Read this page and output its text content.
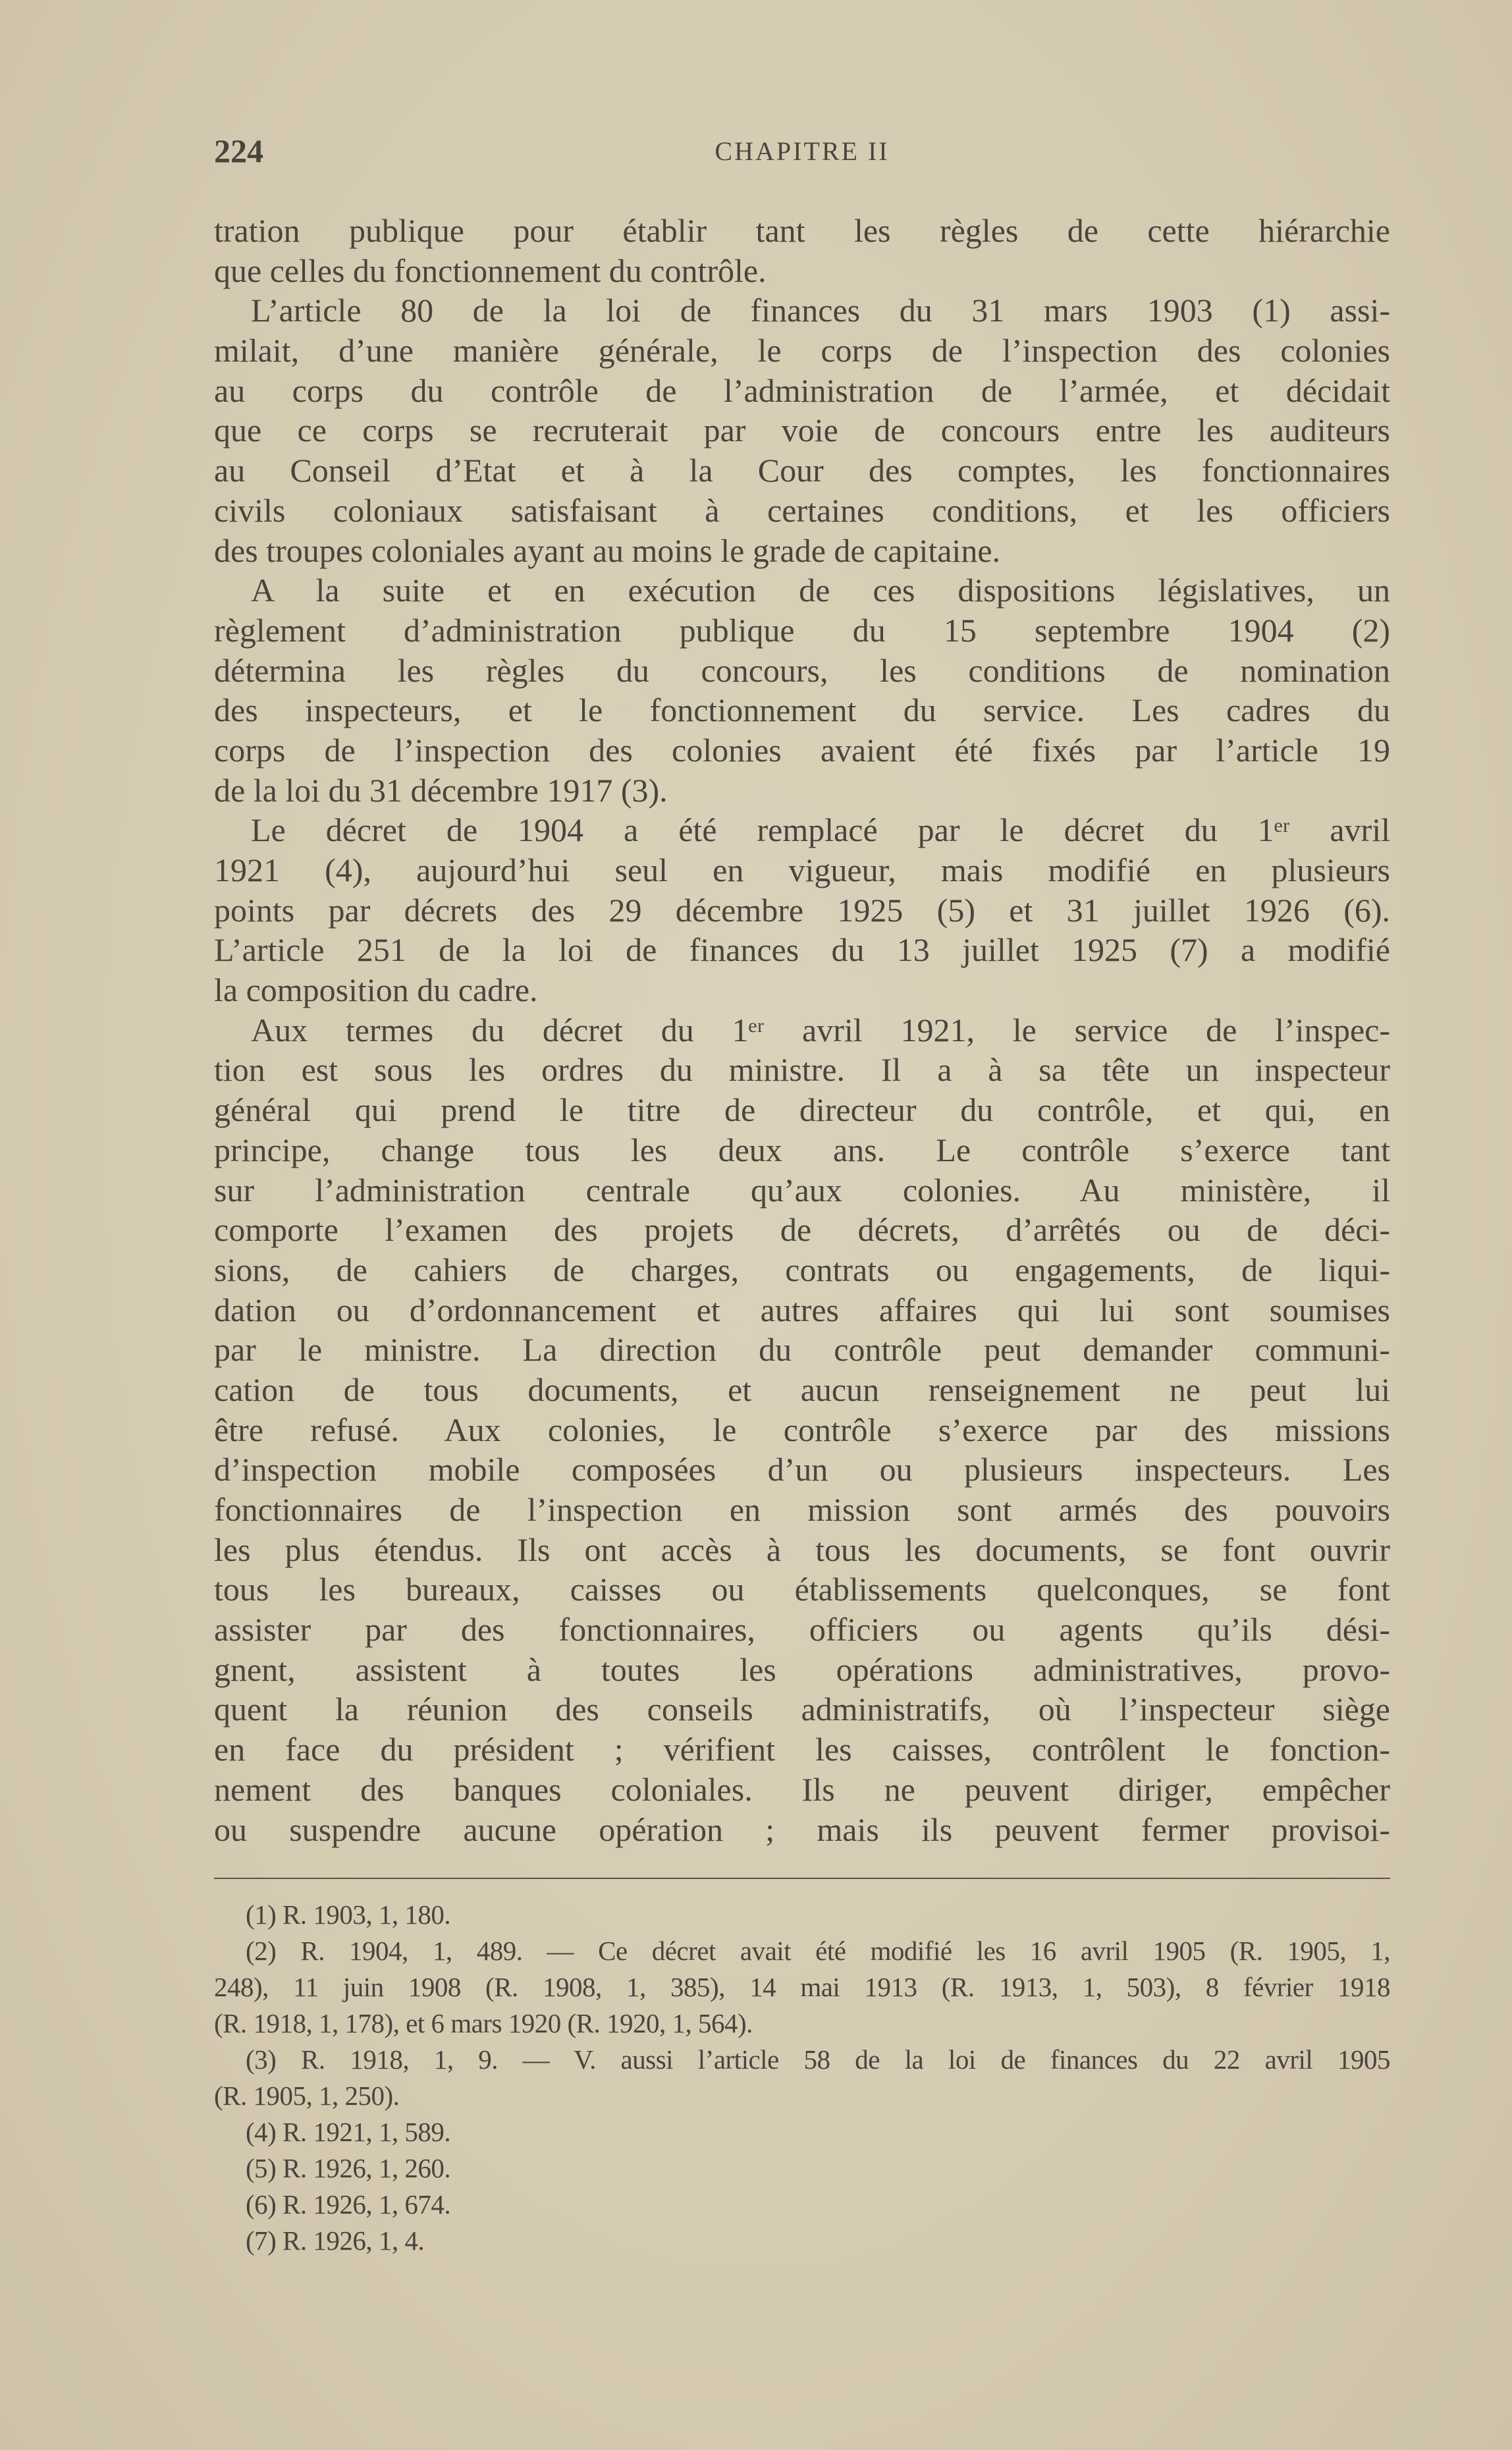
224	CHAPITRE II
tration publique pour établir tant les règles de cette hiérarchie
que celles du fonctionnement du contrôle.
L’article 80 de la loi de finances du 31 mars 1903 (1) assi-
milait, d’une manière générale, le corps de l’inspection des colonies
au corps du contrôle de l’administration de l’armée, et décidait
que ce corps se recruterait par voie de concours entre les auditeurs
au Conseil d’Etat et à la Cour des comptes, les fonctionnaires
civils coloniaux satisfaisant à certaines conditions, et les officiers
des troupes coloniales ayant au moins le grade de capitaine.
A la suite et en exécution de ces dispositions législatives, un
règlement d’administration publique du 15 septembre 1904 (2)
détermina les règles du concours, les conditions de nomination
des inspecteurs, et le fonctionnement du service. Les cadres du
corps de l’inspection des colonies avaient été fixés par l’article 19
de la loi du 31 décembre 1917 (3).
Le décret de 1904 a été remplacé par le décret du 1ᵉʳ avril
1921 (4), aujourd’hui seul en vigueur, mais modifié en plusieurs
points par décrets des 29 décembre 1925 (5) et 31 juillet 1926 (6).
L’article 251 de la loi de finances du 13 juillet 1925 (7) a modifié
la composition du cadre.
Aux termes du décret du 1ᵉʳ avril 1921, le service de l’inspec-
tion est sous les ordres du ministre. Il a à sa tête un inspecteur
général qui prend le titre de directeur du contrôle, et qui, en
principe, change tous les deux ans. Le contrôle s’exerce tant
sur l’administration centrale qu’aux colonies. Au ministère, il
comporte l’examen des projets de décrets, d’arrêtés ou de déci-
sions, de cahiers de charges, contrats ou engagements, de liqui-
dation ou d’ordonnancement et autres affaires qui lui sont soumises
par le ministre. La direction du contrôle peut demander communi-
cation de tous documents, et aucun renseignement ne peut lui
être refusé. Aux colonies, le contrôle s’exerce par des missions
d’inspection mobile composées d’un ou plusieurs inspecteurs. Les
fonctionnaires de l’inspection en mission sont armés des pouvoirs
les plus étendus. Ils ont accès à tous les documents, se font ouvrir
tous les bureaux, caisses ou établissements quelconques, se font
assister par des fonctionnaires, officiers ou agents qu’ils dési-
gnent, assistent à toutes les opérations administratives, provo-
quent la réunion des conseils administratifs, où l’inspecteur siège
en face du président ; vérifient les caisses, contrôlent le fonction-
nement des banques coloniales. Ils ne peuvent diriger, empêcher
ou suspendre aucune opération ; mais ils peuvent fermer provisoi-
(1) R. 1903, 1, 180.
(2) R. 1904, 1, 489. — Ce décret avait été modifié les 16 avril 1905 (R. 1905, 1,
248), 11 juin 1908 (R. 1908, 1, 385), 14 mai 1913 (R. 1913, 1, 503), 8 février 1918
(R. 1918, 1, 178), et 6 mars 1920 (R. 1920, 1, 564).
(3) R. 1918, 1, 9. — V. aussi l’article 58 de la loi de finances du 22 avril 1905
(R. 1905, 1, 250).
(4) R. 1921, 1, 589.
(5) R. 1926, 1, 260.
(6) R. 1926, 1, 674.
(7) R. 1926, 1, 4.
